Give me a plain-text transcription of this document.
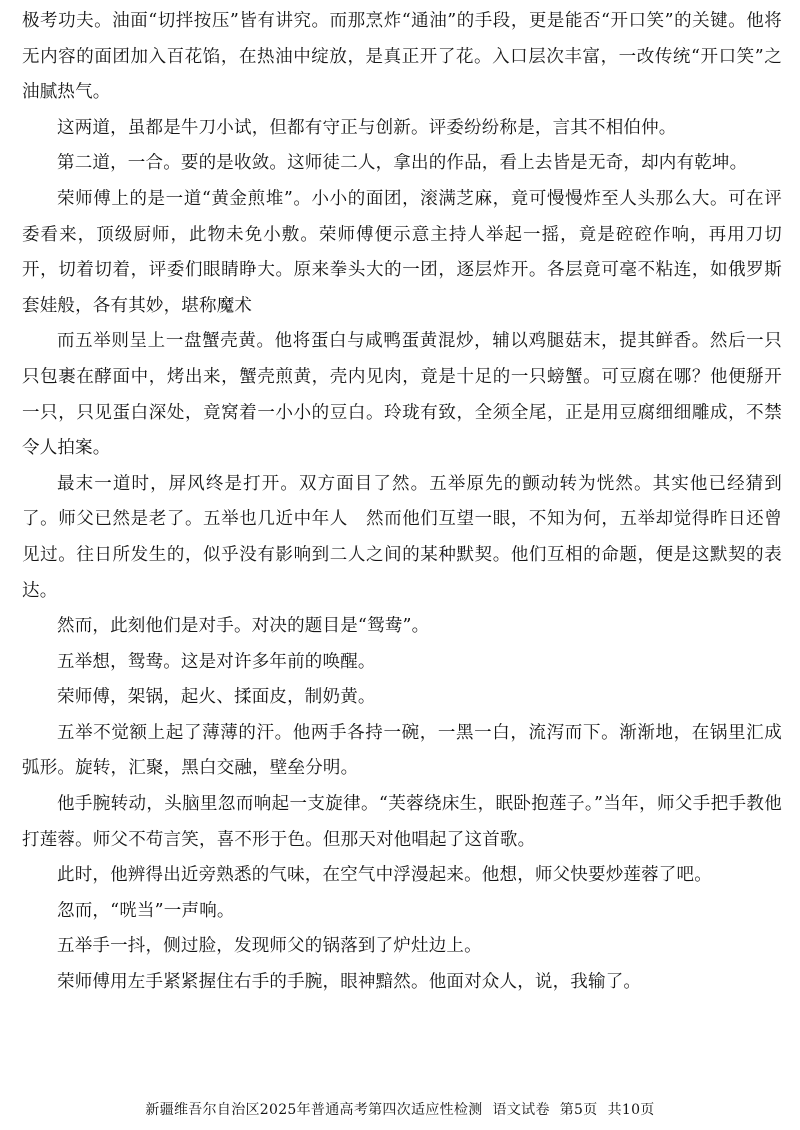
极考功夫。油面“切拌按压”皆有讲究。而那烹炸“通油”的手段，更是能否“开口笑”的关键。他将无内容的面团加入百花馅，在热油中绽放，是真正开了花。入口层次丰富，一改传统“开口笑”之油腻热气。

这两道，虽都是牛刀小试，但都有守正与创新。评委纷纷称是，言其不相伯仲。

第二道，一合。要的是收敛。这师徒二人，拿出的作品，看上去皆是无奇，却内有乾坤。

荣师傅上的是一道“黄金煎堆”。小小的面团，滚满芝麻，竟可慢慢炸至人头那么大。可在评委看来，顶级厨师，此物未免小敷。荣师傅便示意主持人举起一摇，竟是硿硿作响，再用刀切开，切着切着，评委们眼睛睁大。原来拳头大的一团，逐层炸开。各层竟可毫不粘连，如俄罗斯套娃般，各有其妙，堪称魔术

而五举则呈上一盘蟹壳黄。他将蛋白与咸鸭蛋黄混炒，辅以鸡腿菇末，提其鲜香。然后一只只包裹在酵面中，烤出来，蟹壳煎黄，壳内见肉，竟是十足的一只螃蟹。可豆腐在哪？他便掰开一只，只见蛋白深处，竟窝着一小小的豆白。玲珑有致，全须全尾，正是用豆腐细细雕成，不禁令人拍案。

最末一道时，屏风终是打开。双方面目了然。五举原先的颤动转为恍然。其实他已经猜到了。师父已然是老了。五举也几近中年人　然而他们互望一眼，不知为何，五举却觉得昨日还曾见过。往日所发生的，似乎没有影响到二人之间的某种默契。他们互相的命题，便是这默契的表达。

然而，此刻他们是对手。对决的题目是“鸳鸯”。

五举想，鸳鸯。这是对许多年前的唤醒。

荣师傅，架锅，起火、揉面皮，制奶黄。

五举不觉额上起了薄薄的汗。他两手各持一碗，一黑一白，流泻而下。渐渐地，在锅里汇成弧形。旋转，汇聚，黑白交融，壁垒分明。

他手腕转动，头脑里忽而响起一支旋律。“芙蓉绕床生，眠卧抱莲子。”当年，师父手把手教他打莲蓉。师父不苟言笑，喜不形于色。但那天对他唱起了这首歌。

此时，他辨得出近旁熟悉的气味，在空气中浮漫起来。他想，师父快要炒莲蓉了吧。

忽而，“咣当”一声响。

五举手一抖，侧过脸，发现师父的锅落到了炉灶边上。

荣师傅用左手紧紧握住右手的手腕，眼神黯然。他面对众人，说，我输了。

新疆维吾尔自治区2025年普通高考第四次适应性检测 语文试卷 第5页 共10页
